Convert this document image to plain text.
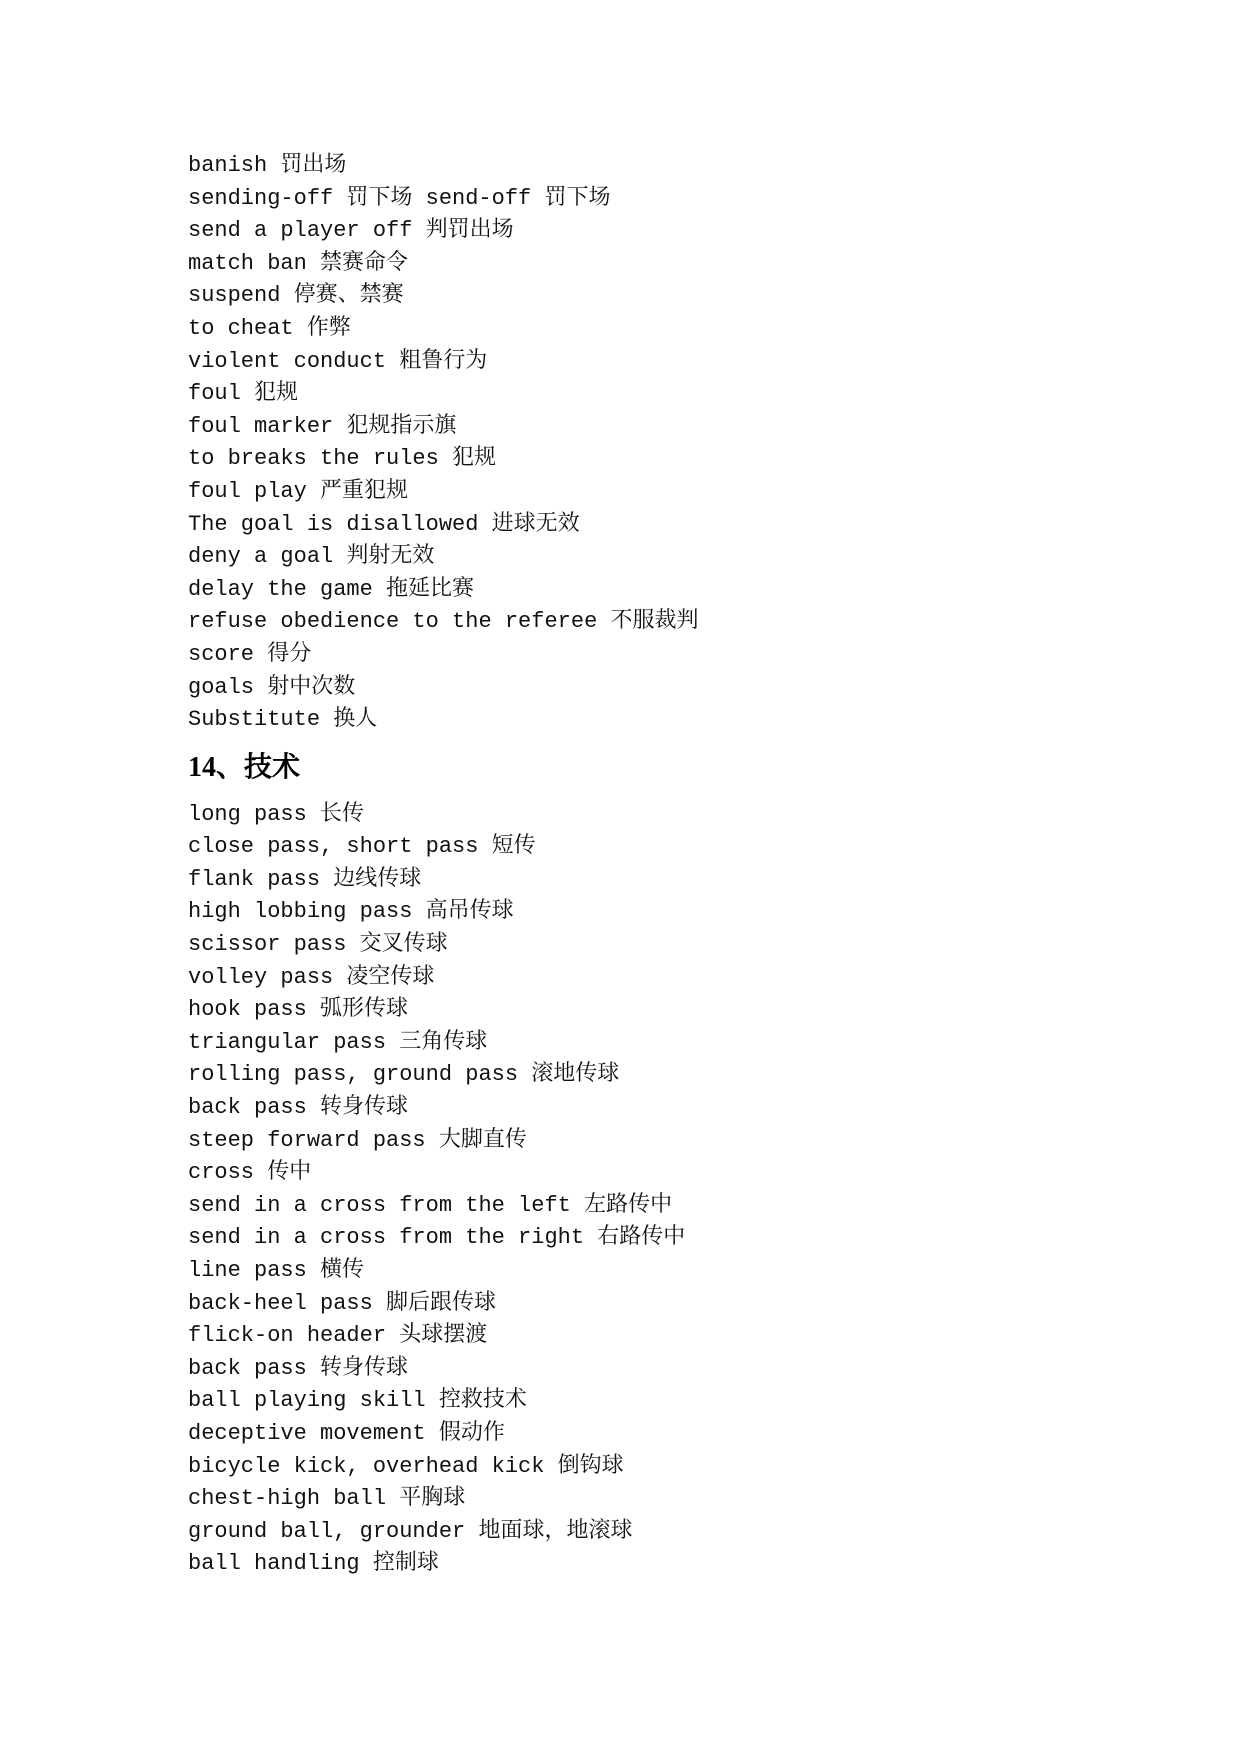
banish 罚出场
sending-off 罚下场 send-off 罚下场
send a player off 判罚出场
match ban 禁赛命令
suspend 停赛、禁赛
to cheat 作弊
violent conduct 粗鲁行为
foul 犯规
foul marker 犯规指示旗
to breaks the rules 犯规
foul play 严重犯规
The goal is disallowed 进球无效
deny a goal 判射无效
delay the game 拖延比赛
refuse obedience to the referee 不服裁判
score 得分
goals 射中次数
Substitute 换人
14、技术
long pass 长传
close pass, short pass 短传
flank pass 边线传球
high lobbing pass 高吊传球
scissor pass 交叉传球
volley pass 凌空传球
hook pass 弧形传球
triangular pass 三角传球
rolling pass, ground pass 滚地传球
back pass 转身传球
steep forward pass 大脚直传
cross 传中
send in a cross from the left 左路传中
send in a cross from the right 右路传中
line pass 横传
back-heel pass 脚后跟传球
flick-on header 头球摆渡
back pass 转身传球
ball playing skill 控救技术
deceptive movement 假动作
bicycle kick, overhead kick 倒钩球
chest-high ball 平胸球
ground ball, grounder 地面球，地滚球
ball handling 控制球
